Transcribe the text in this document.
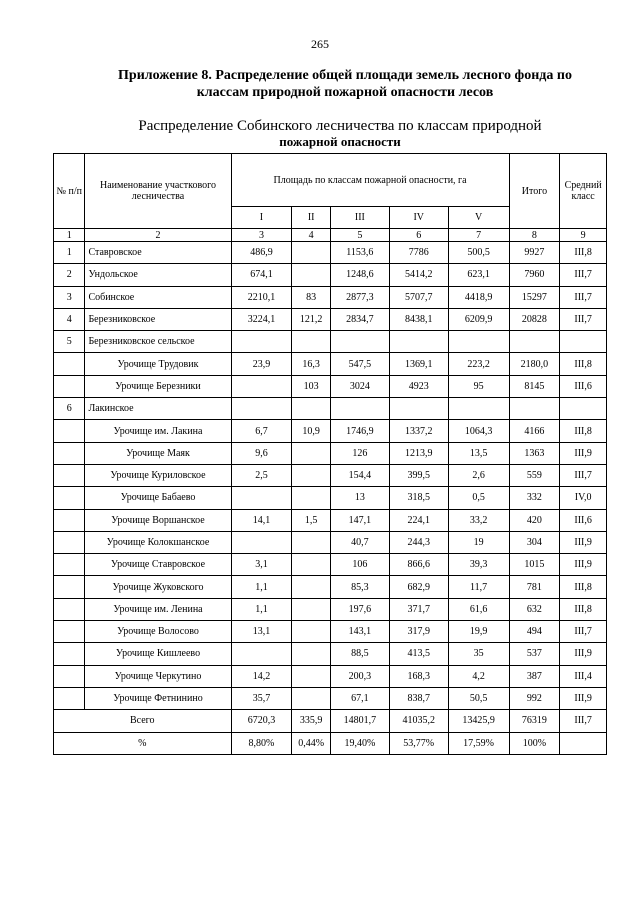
265
Приложение 8. Распределение общей площади земель лесного фонда по
классам природной пожарной опасности лесов
Распределение Собинского лесничества по классам природной
пожарной опасности
№ п/п	Наименование участкового лесничества	Площадь по классам пожарной опасности, га					Итого	Средний класс
		I	II	III	IV	V		
1	2	3	4	5	6	7	8	9
1	Ставровское	486,9		1153,6	7786	500,5	9927	III,8
2	Ундольское	674,1		1248,6	5414,2	623,1	7960	III,7
3	Собинское	2210,1	83	2877,3	5707,7	4418,9	15297	III,7
4	Березниковское	3224,1	121,2	2834,7	8438,1	6209,9	20828	III,7
5	Березниковское сельское							
	Урочище Трудовик	23,9	16,3	547,5	1369,1	223,2	2180,0	III,8
	Урочище Березники		103	3024	4923	95	8145	III,6
6	Лакинское							
	Урочище им. Лакина	6,7	10,9	1746,9	1337,2	1064,3	4166	III,8
	Урочище Маяк	9,6		126	1213,9	13,5	1363	III,9
	Урочище Куриловское	2,5		154,4	399,5	2,6	559	III,7
	Урочище Бабаево			13	318,5	0,5	332	IV,0
	Урочище Воршанское	14,1	1,5	147,1	224,1	33,2	420	III,6
	Урочище Колокшанское			40,7	244,3	19	304	III,9
	Урочище Ставровское	3,1		106	866,6	39,3	1015	III,9
	Урочище Жуковского	1,1		85,3	682,9	11,7	781	III,8
	Урочище им. Ленина	1,1		197,6	371,7	61,6	632	III,8
	Урочище Волосово	13,1		143,1	317,9	19,9	494	III,7
	Урочище Кишлеево			88,5	413,5	35	537	III,9
	Урочище Черкутино	14,2		200,3	168,3	4,2	387	III,4
	Урочище Фетнинино	35,7		67,1	838,7	50,5	992	III,9
Всего		6720,3	335,9	14801,7	41035,2	13425,9	76319	III,7
%		8,80%	0,44%	19,40%	53,77%	17,59%	100%	
